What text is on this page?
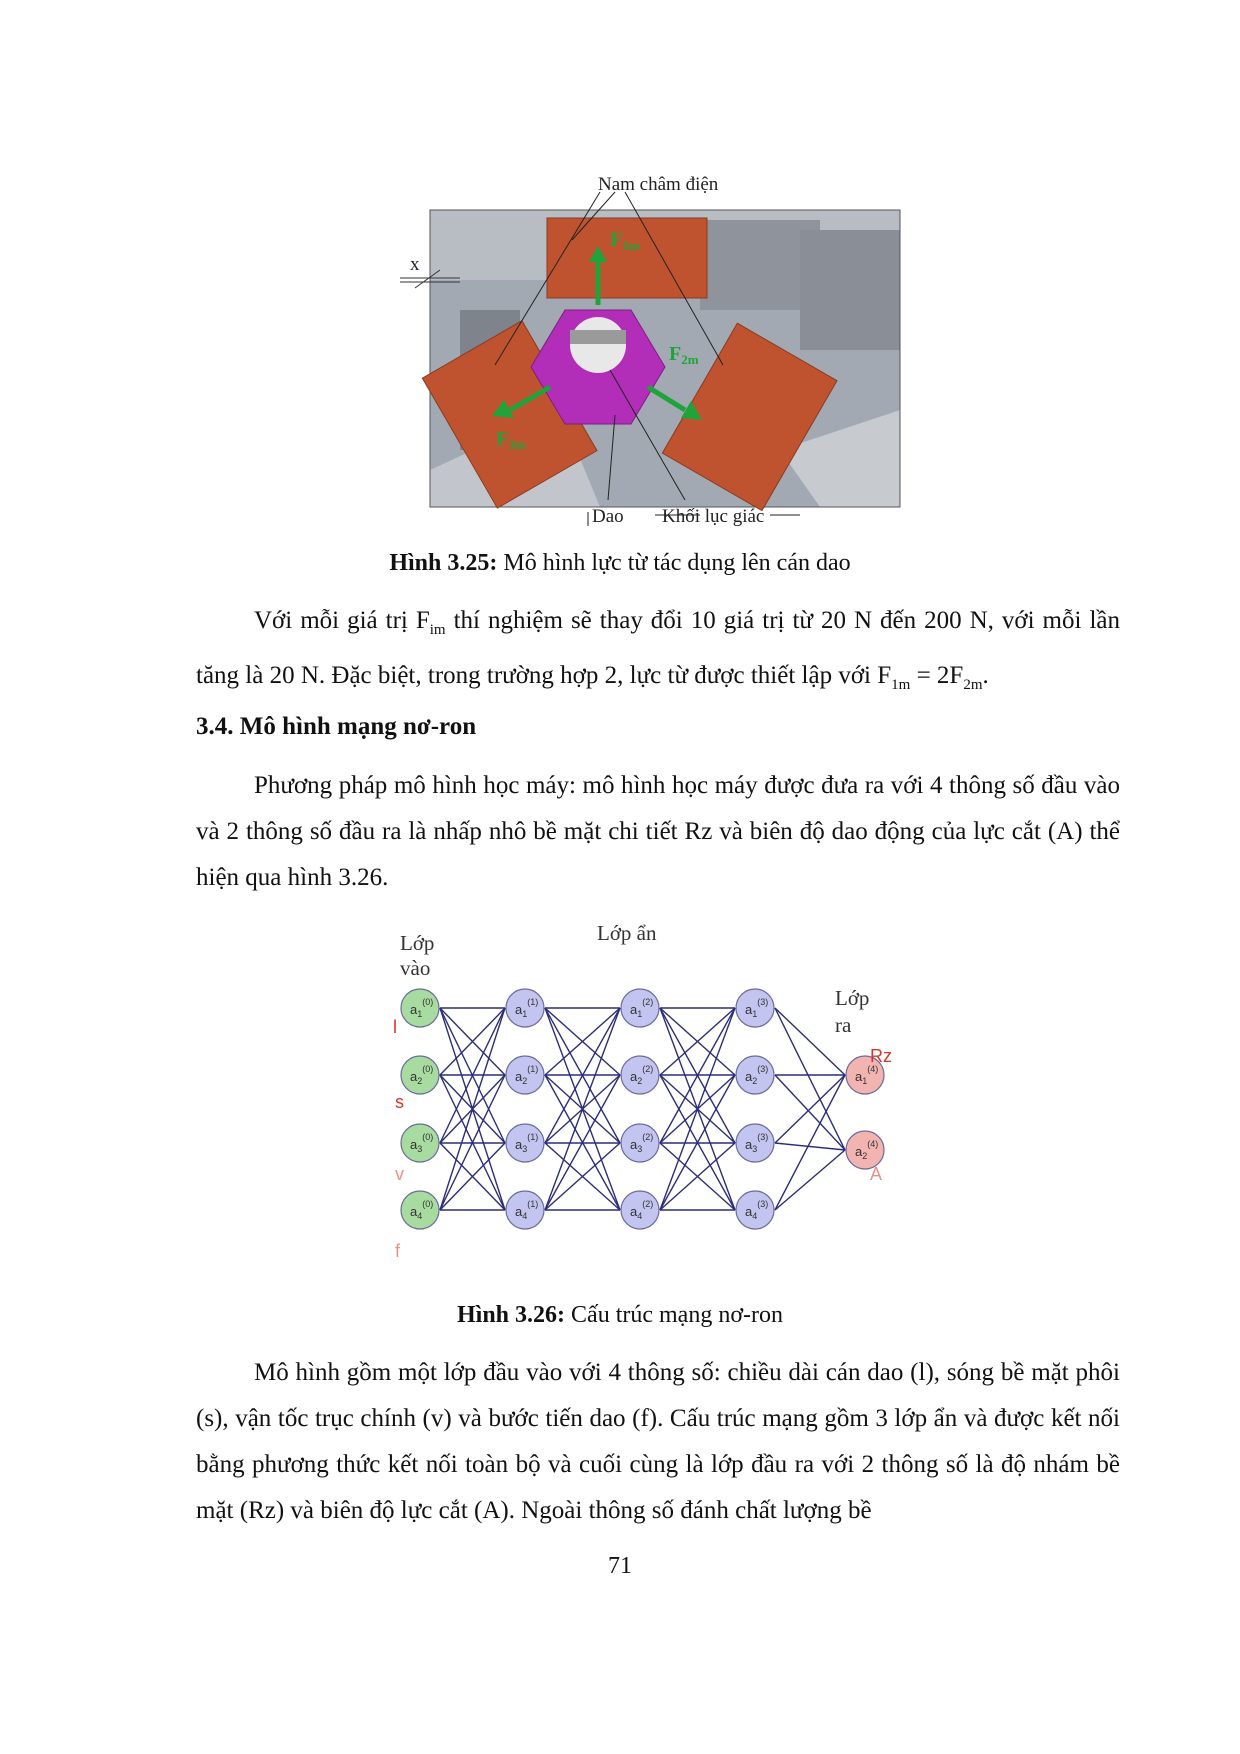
x
$F_{1m}$
$F_{2m}$
$F_{3m}$
Nam châm điện
Dao Khối lục giác
Hình 3.25: Mô hình lực từ tác dụng lên cán dao
Với mỗi giá trị $F_{im}$ thí nghiệm sẽ thay đổi 10 giá trị từ 20 N đến 200 N, với mỗi lần tăng là 20 N. Đặc biệt, trong trường hợp 2, lực từ được thiết lập với $F_{1m} = 2F_{2m}$.
3.4. Mô hình mạng nơ-ron
Phương pháp mô hình học máy: mô hình học máy được đưa ra với 4 thông số đầu vào và 2 thông số đầu ra là nhấp nhô bề mặt chi tiết Rz và biên độ dao động của lực cắt (A) thể hiện qua hình 3.26.
$a_1^{(0)}$
$a_2^{(0)}$
$a_3^{(0)}$
$a_4^{(0)}$
$a_1^{(1)}$
$a_2^{(1)}$
$a_3^{(1)}$
$a_4^{(1)}$
$a_1^{(2)}$
$a_2^{(2)}$
$a_3^{(2)}$
$a_4^{(2)}$
$a_1^{(3)}$
$a_2^{(3)}$
$a_3^{(3)}$
$a_4^{(3)}$
$a_1^{(4)}$
$a_2^{(4)}$
Lớp
vào
Lớp ẩn
Lớp
ra
l
s
v
f
Rz
A
Hình 3.26: Cấu trúc mạng nơ-ron
Mô hình gồm một lớp đầu vào với 4 thông số: chiều dài cán dao (l), sóng bề mặt phôi (s), vận tốc trục chính (v) và bước tiến dao (f). Cấu trúc mạng gồm 3 lớp ẩn và được kết nối bằng phương thức kết nối toàn bộ và cuối cùng là lớp đầu ra với 2 thông số là độ nhám bề mặt (Rz) và biên độ lực cắt (A). Ngoài thông số đánh chất lượng bề
71
